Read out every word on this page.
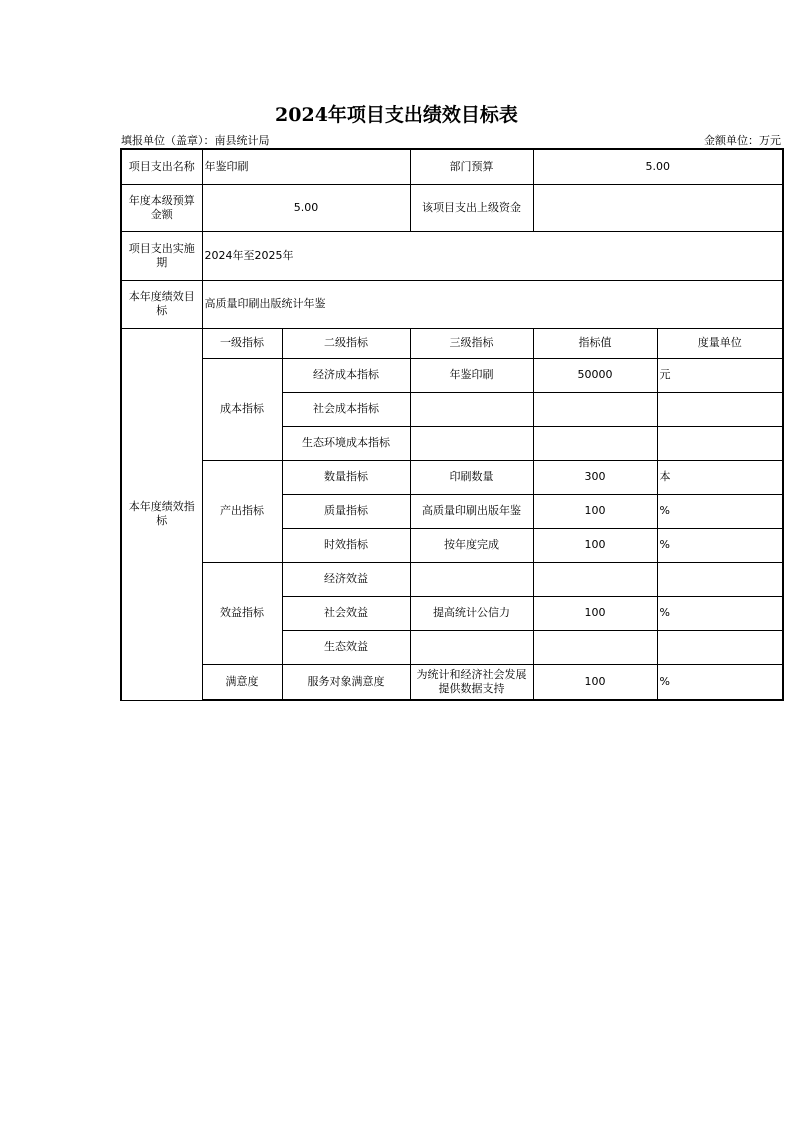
2024年项目支出绩效目标表
填报单位（盖章）：南县统计局	金额单位：万元
项目支出名称	年鉴印刷		部门预算	5.00	
年度本级预算金额	5.00		该项目支出上级资金		
项目支出实施期	2024年至2025年				
本年度绩效目标	高质量印刷出版统计年鉴				
本年度绩效指标	一级指标	二级指标	三级指标	指标值	度量单位
	成本指标	经济成本指标	年鉴印刷	50000	元
		社会成本指标			
		生态环境成本指标			
	产出指标	数量指标	印刷数量	300	本
		质量指标	高质量印刷出版年鉴	100	%
		时效指标	按年度完成	100	%
	效益指标	经济效益			
		社会效益	提高统计公信力	100	%
		生态效益			
	满意度	服务对象满意度	为统计和经济社会发展提供数据支持	100	%
